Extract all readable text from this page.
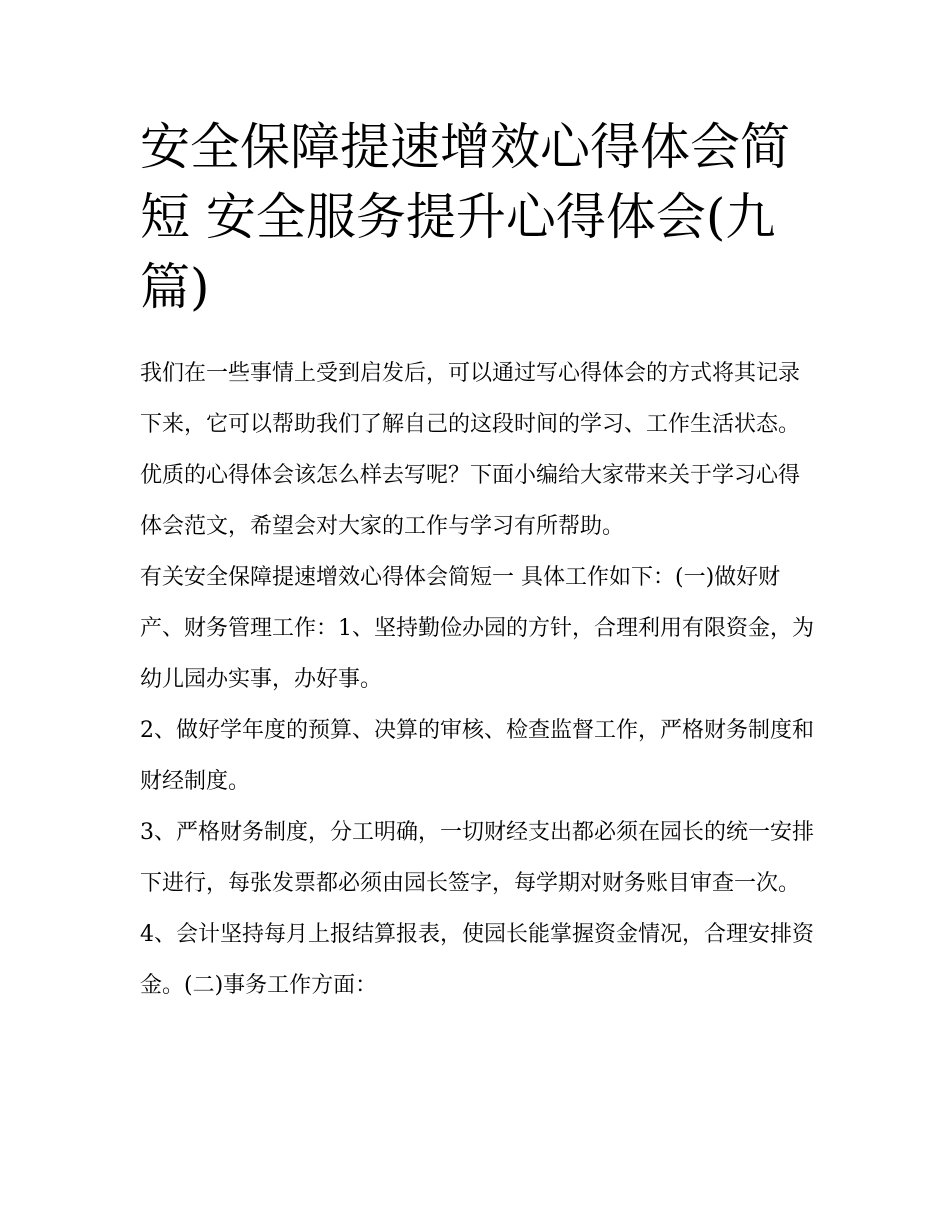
安全保障提速增效心得体会简短 安全服务提升心得体会(九篇)

我们在一些事情上受到启发后，可以通过写心得体会的方式将其记录下来，它可以帮助我们了解自己的这段时间的学习、工作生活状态。优质的心得体会该怎么样去写呢？下面小编给大家带来关于学习心得体会范文，希望会对大家的工作与学习有所帮助。

有关安全保障提速增效心得体会简短一 具体工作如下：(一)做好财产、财务管理工作：1、坚持勤俭办园的方针，合理利用有限资金，为幼儿园办实事，办好事。

2、做好学年度的预算、决算的审核、检查监督工作，严格财务制度和财经制度。

3、严格财务制度，分工明确，一切财经支出都必须在园长的统一安排下进行，每张发票都必须由园长签字，每学期对财务账目审查一次。

4、会计坚持每月上报结算报表，使园长能掌握资金情况，合理安排资金。(二)事务工作方面：
